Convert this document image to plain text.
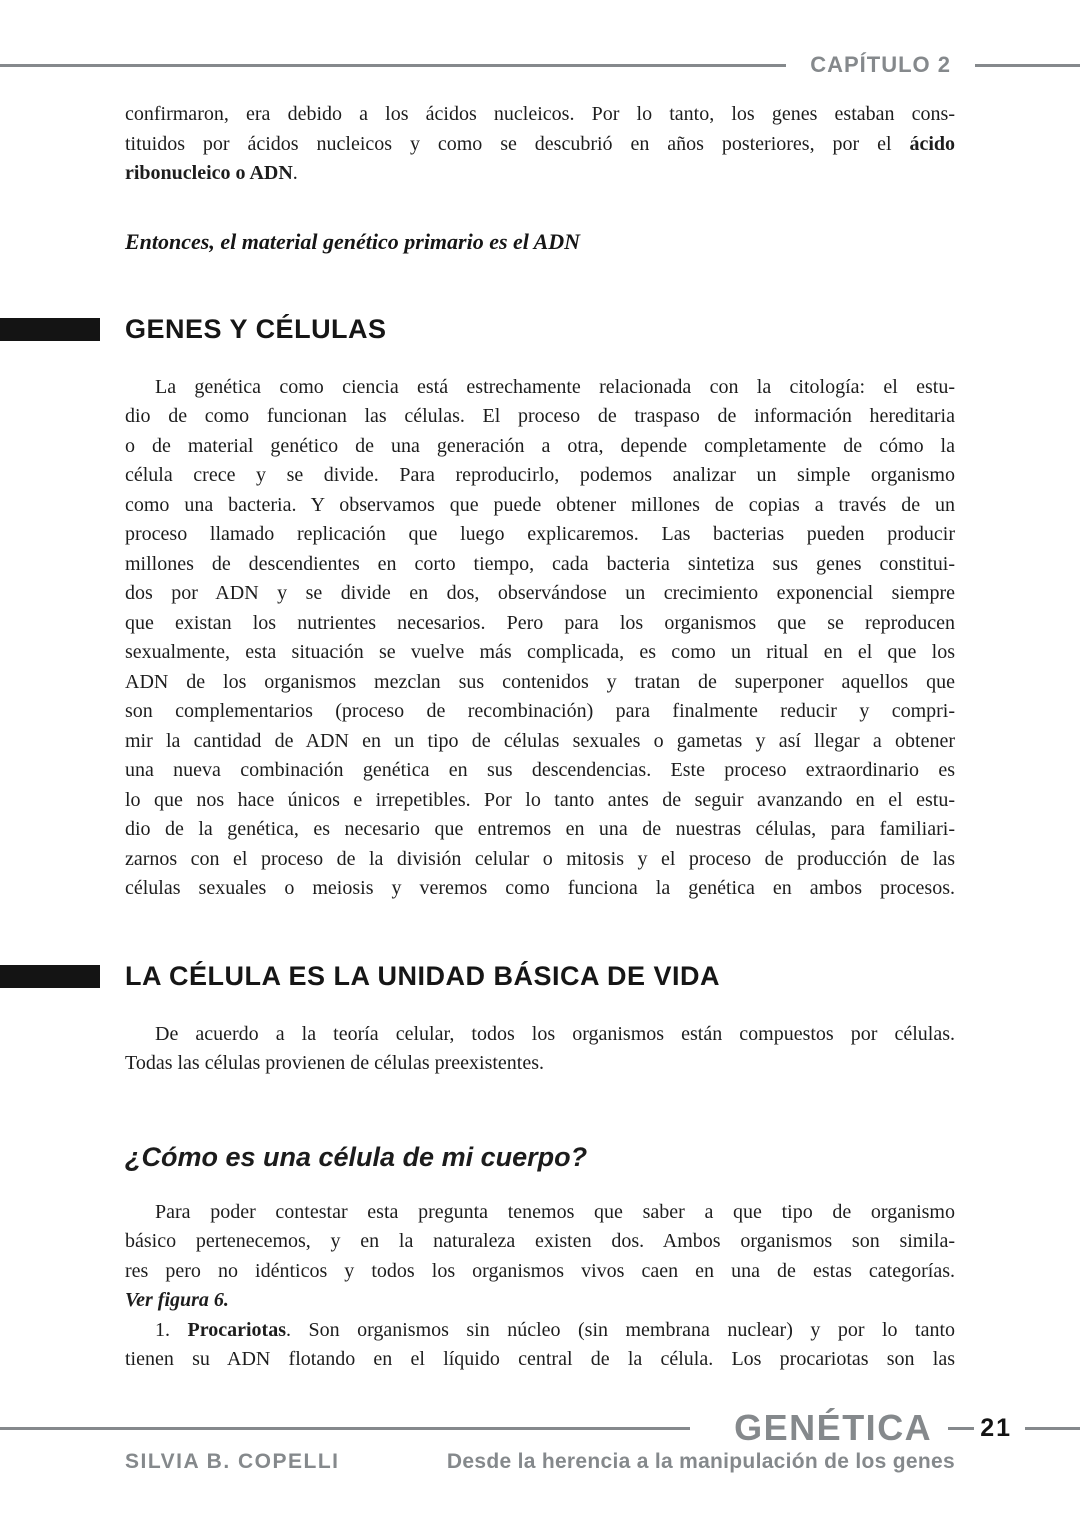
CAPÍTULO 2
confirmaron, era debido a los ácidos nucleicos. Por lo tanto, los genes estaban cons-
tituidos por ácidos nucleicos y como se descubrió en años posteriores, por el ácido
ribonucleico o ADN.
Entonces, el material genético primario es el ADN
GENES Y CÉLULAS
La genética como ciencia está estrechamente relacionada con la citología: el estu-
dio de como funcionan las células. El proceso de traspaso de información hereditaria
o de material genético de una generación a otra, depende completamente de cómo la
célula crece y se divide. Para reproducirlo, podemos analizar un simple organismo
como una bacteria. Y observamos que puede obtener millones de copias a través de un
proceso llamado replicación que luego explicaremos. Las bacterias pueden producir
millones de descendientes en corto tiempo, cada bacteria sintetiza sus genes constitui-
dos por ADN y se divide en dos, observándose un crecimiento exponencial siempre
que existan los nutrientes necesarios. Pero para los organismos que se reproducen
sexualmente, esta situación se vuelve más complicada, es como un ritual en el que los
ADN de los organismos mezclan sus contenidos y tratan de superponer aquellos que
son complementarios (proceso de recombinación) para finalmente reducir y compri-
mir la cantidad de ADN en un tipo de células sexuales o gametas y así llegar a obtener
una nueva combinación genética en sus descendencias. Este proceso extraordinario es
lo que nos hace únicos e irrepetibles. Por lo tanto antes de seguir avanzando en el estu-
dio de la genética, es necesario que entremos en una de nuestras células, para familiari-
zarnos con el proceso de la división celular o mitosis y el proceso de producción de las
células sexuales o meiosis y veremos como funciona la genética en ambos procesos.
LA CÉLULA ES LA UNIDAD BÁSICA DE VIDA
De acuerdo a la teoría celular, todos los organismos están compuestos por células.
Todas las células provienen de células preexistentes.
¿Cómo es una célula de mi cuerpo?
Para poder contestar esta pregunta tenemos que saber a que tipo de organismo
básico pertenecemos, y en la naturaleza existen dos. Ambos organismos son simila-
res pero no idénticos y todos los organismos vivos caen en una de estas categorías.
Ver figura 6.
1. Procariotas. Son organismos sin núcleo (sin membrana nuclear) y por lo tanto
tienen su ADN flotando en el líquido central de la célula. Los procariotas son las
GENÉTICA 21
SILVIA B. COPELLI	Desde la herencia a la manipulación de los genes
